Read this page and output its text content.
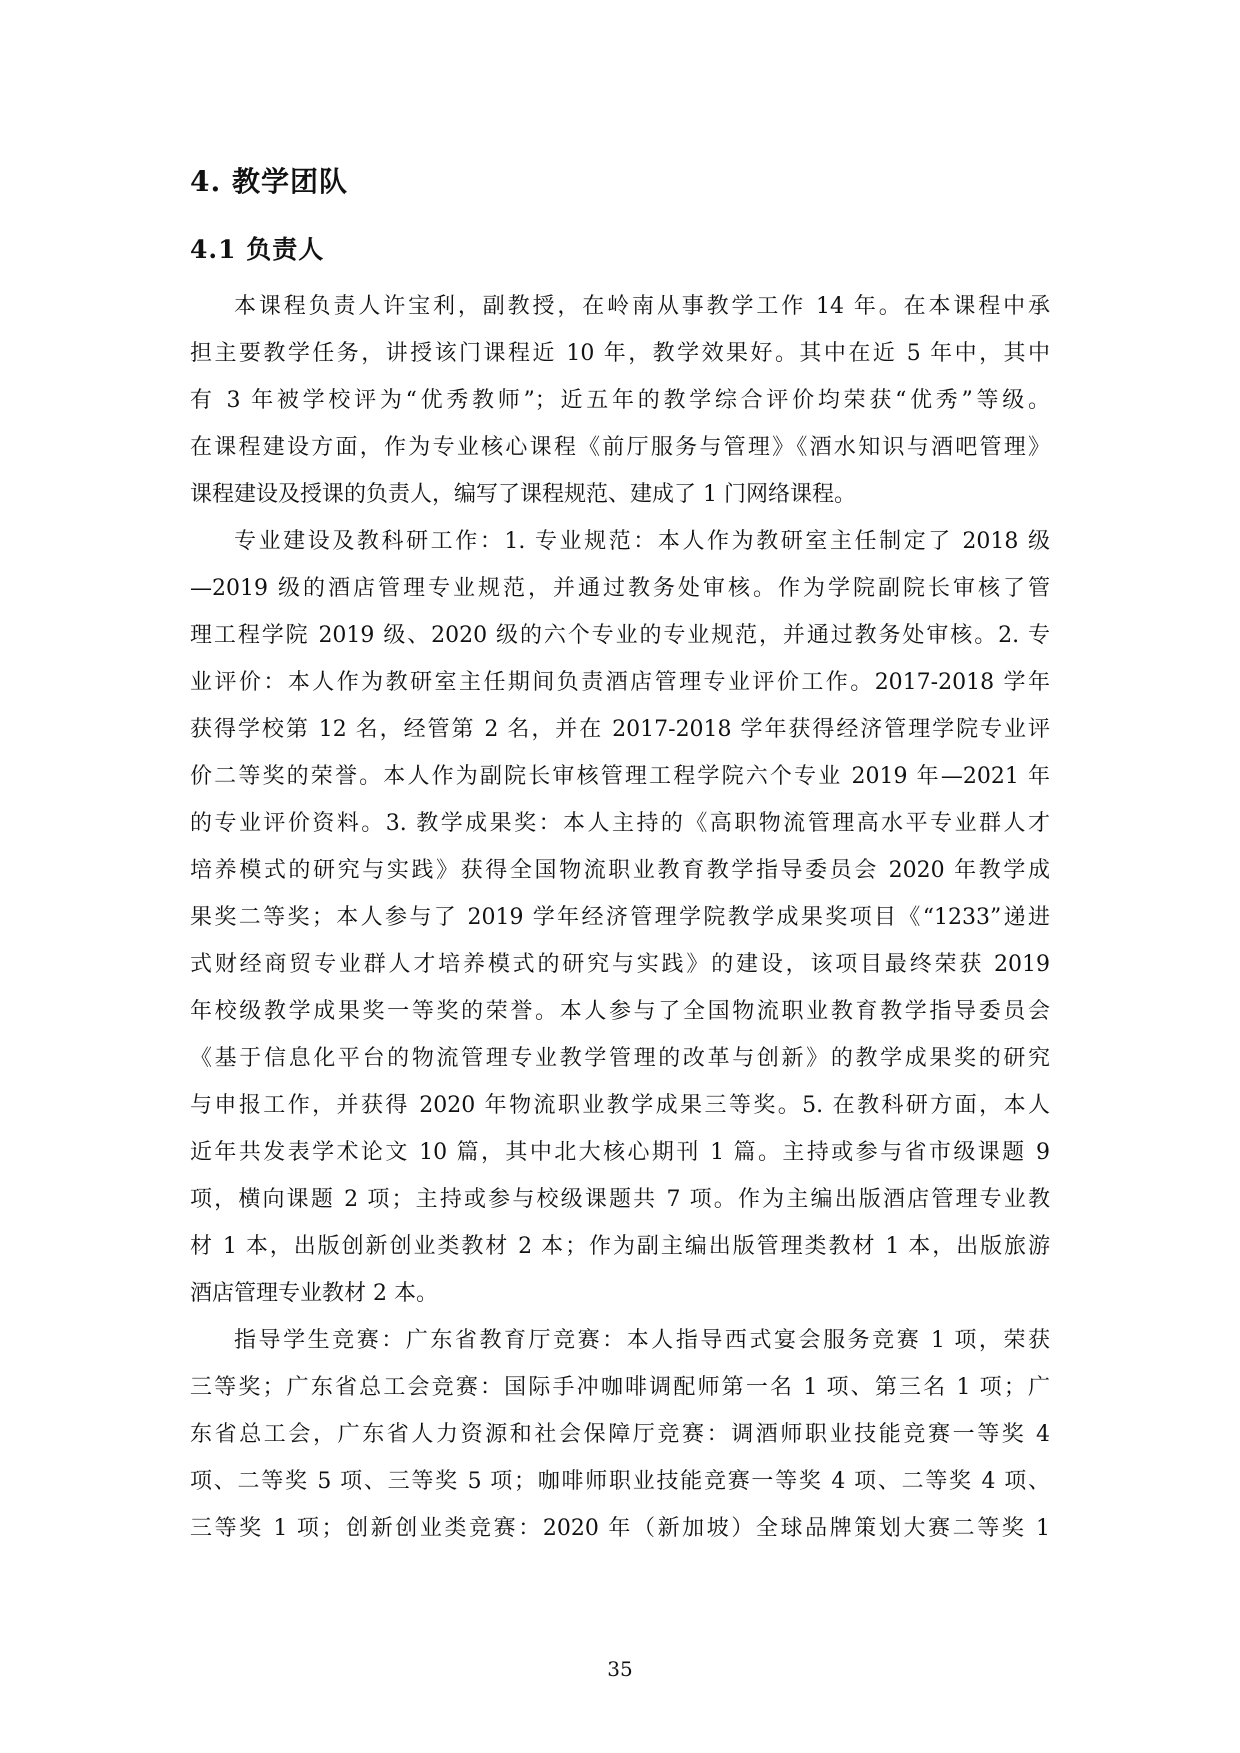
4. 教学团队
4.1 负责人
本课程负责人许宝利，副教授，在岭南从事教学工作 14 年。在本课程中承
担主要教学任务，讲授该门课程近 10 年，教学效果好。其中在近 5 年中，其中
有 3 年被学校评为“优秀教师”；近五年的教学综合评价均荣获“优秀”等级。
在课程建设方面，作为专业核心课程《前厅服务与管理》《酒水知识与酒吧管理》
课程建设及授课的负责人，编写了课程规范、建成了 1 门网络课程。
专业建设及教科研工作：1. 专业规范：本人作为教研室主任制定了 2018 级
—2019 级的酒店管理专业规范，并通过教务处审核。作为学院副院长审核了管
理工程学院 2019 级、2020 级的六个专业的专业规范，并通过教务处审核。2. 专
业评价：本人作为教研室主任期间负责酒店管理专业评价工作。2017-2018 学年
获得学校第 12 名，经管第 2 名，并在 2017-2018 学年获得经济管理学院专业评
价二等奖的荣誉。本人作为副院长审核管理工程学院六个专业 2019 年—2021 年
的专业评价资料。3. 教学成果奖：本人主持的《高职物流管理高水平专业群人才
培养模式的研究与实践》获得全国物流职业教育教学指导委员会 2020 年教学成
果奖二等奖；本人参与了 2019 学年经济管理学院教学成果奖项目《“1233”递进
式财经商贸专业群人才培养模式的研究与实践》的建设，该项目最终荣获 2019
年校级教学成果奖一等奖的荣誉。本人参与了全国物流职业教育教学指导委员会
《基于信息化平台的物流管理专业教学管理的改革与创新》的教学成果奖的研究
与申报工作，并获得 2020 年物流职业教学成果三等奖。5. 在教科研方面，本人
近年共发表学术论文 10 篇，其中北大核心期刊 1 篇。主持或参与省市级课题 9
项，横向课题 2 项；主持或参与校级课题共 7 项。作为主编出版酒店管理专业教
材 1 本，出版创新创业类教材 2 本；作为副主编出版管理类教材 1 本，出版旅游
酒店管理专业教材 2 本。
指导学生竞赛：广东省教育厅竞赛：本人指导西式宴会服务竞赛 1 项，荣获
三等奖；广东省总工会竞赛：国际手冲咖啡调配师第一名 1 项、第三名 1 项；广
东省总工会，广东省人力资源和社会保障厅竞赛：调酒师职业技能竞赛一等奖 4
项、二等奖 5 项、三等奖 5 项；咖啡师职业技能竞赛一等奖 4 项、二等奖 4 项、
三等奖 1 项；创新创业类竞赛：2020 年（新加坡）全球品牌策划大赛二等奖 1
35
